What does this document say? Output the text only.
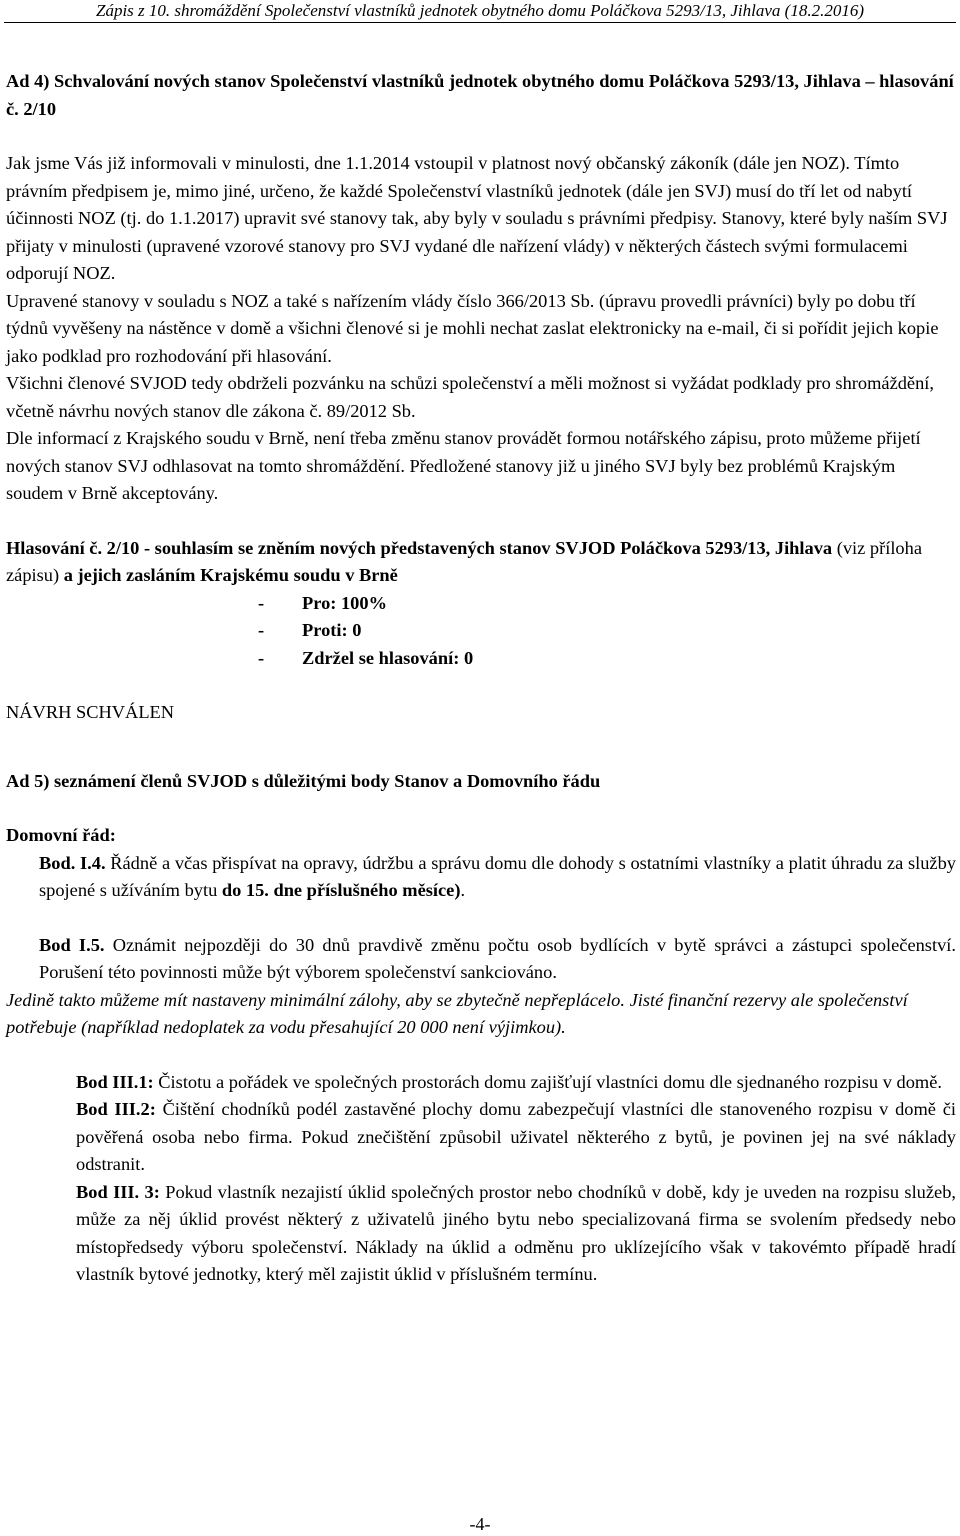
Zápis z 10. shromáždění Společenství vlastníků jednotek obytného domu Poláčkova 5293/13, Jihlava (18.2.2016)

Ad 4) Schvalování nových stanov Společenství vlastníků jednotek obytného domu Poláčkova 5293/13, Jihlava – hlasování č. 2/10

Jak jsme Vás již informovali v minulosti, dne 1.1.2014 vstoupil v platnost nový občanský zákoník (dále jen NOZ). Tímto právním předpisem je, mimo jiné, určeno, že každé Společenství vlastníků jednotek (dále jen SVJ) musí do tří let od nabytí účinnosti NOZ (tj. do 1.1.2017) upravit své stanovy tak, aby byly v souladu s právními předpisy. Stanovy, které byly naším SVJ přijaty v minulosti (upravené vzorové stanovy pro SVJ vydané dle nařízení vlády) v některých částech svými formulacemi odporují NOZ.

Upravené stanovy v souladu s NOZ a také s nařízením vlády číslo 366/2013 Sb. (úpravu provedli právníci) byly po dobu tří týdnů vyvěšeny na nástěnce v domě a všichni členové si je mohli nechat zaslat elektronicky na e-mail, či si pořídit jejich kopie jako podklad pro rozhodování při hlasování.

Všichni členové SVJOD tedy obdrželi pozvánku na schůzi společenství a měli možnost si vyžádat podklady pro shromáždění, včetně návrhu nových stanov dle zákona č. 89/2012 Sb.

Dle informací z Krajského soudu v Brně, není třeba změnu stanov provádět formou notářského zápisu, proto můžeme přijetí nových stanov SVJ odhlasovat na tomto shromáždění. Předložené stanovy již u jiného SVJ byly bez problémů Krajským soudem v Brně akceptovány.

Hlasování č. 2/10 - souhlasím se zněním nových představených stanov SVJOD Poláčkova 5293/13, Jihlava (viz příloha zápisu) a jejich zasláním Krajskému soudu v Brně

- Pro: 100%

- Proti: 0

- Zdržel se hlasování: 0

NÁVRH SCHVÁLEN

Ad 5) seznámení členů SVJOD s důležitými body Stanov a Domovního řádu

Domovní řád:

Bod. I.4. Řádně a včas přispívat na opravy, údržbu a správu domu dle dohody s ostatními vlastníky a platit úhradu za služby spojené s užíváním bytu do 15. dne příslušného měsíce).

Bod I.5. Oznámit nejpozději do 30 dnů pravdivě změnu počtu osob bydlících v bytě správci a zástupci společenství. Porušení této povinnosti může být výborem společenství sankciováno.

Jedině takto můžeme mít nastaveny minimální zálohy, aby se zbytečně nepřeplácelo. Jisté finanční rezervy ale společenství potřebuje (například nedoplatek za vodu přesahující 20 000 není výjimkou).

Bod III.1: Čistotu a pořádek ve společných prostorách domu zajišťují vlastníci domu dle sjednaného rozpisu v domě.

Bod III.2: Čištění chodníků podél zastavěné plochy domu zabezpečují vlastníci dle stanoveného rozpisu v domě či pověřená osoba nebo firma. Pokud znečištění způsobil uživatel některého z bytů, je povinen jej na své náklady odstranit.

Bod III. 3: Pokud vlastník nezajistí úklid společných prostor nebo chodníků v době, kdy je uveden na rozpisu služeb, může za něj úklid provést některý z uživatelů jiného bytu nebo specializovaná firma se svolením předsedy nebo místopředsedy výboru společenství. Náklady na úklid a odměnu pro uklízejícího však v takovémto případě hradí vlastník bytové jednotky, který měl zajistit úklid v příslušném termínu.

-4-
